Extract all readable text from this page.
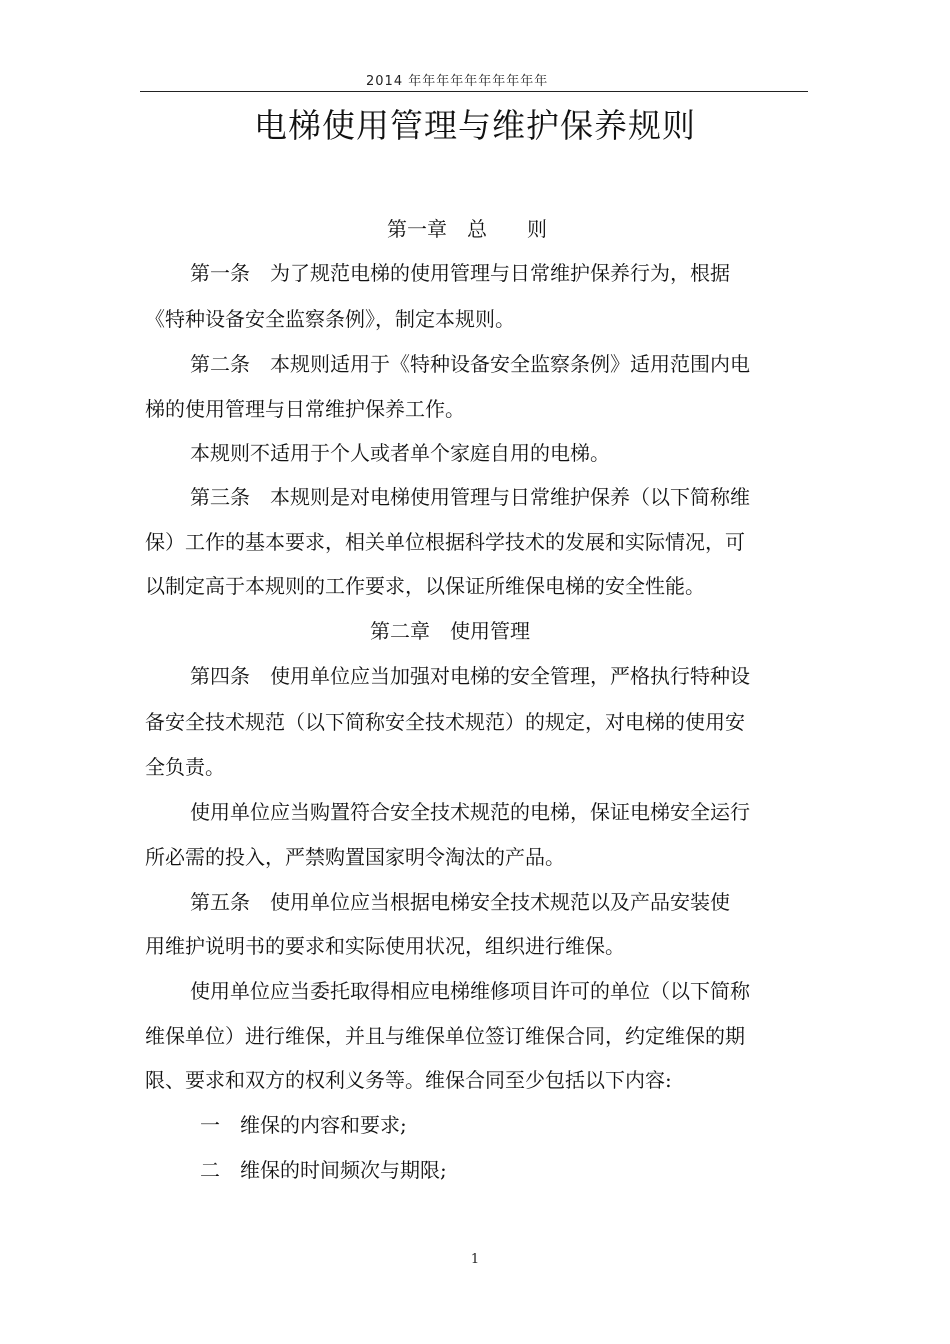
2014 年年年年年年年年年年
电梯使用管理与维护保养规则
第一章　总　　则
第一条　为了规范电梯的使用管理与日常维护保养行为，根据
《特种设备安全监察条例》，制定本规则。
第二条　本规则适用于《特种设备安全监察条例》适用范围内电
梯的使用管理与日常维护保养工作。
本规则不适用于个人或者单个家庭自用的电梯。
第三条　本规则是对电梯使用管理与日常维护保养（以下简称维
保）工作的基本要求，相关单位根据科学技术的发展和实际情况，可
以制定高于本规则的工作要求，以保证所维保电梯的安全性能。
第二章　使用管理
第四条　使用单位应当加强对电梯的安全管理，严格执行特种设
备安全技术规范（以下简称安全技术规范）的规定，对电梯的使用安
全负责。
使用单位应当购置符合安全技术规范的电梯，保证电梯安全运行
所必需的投入，严禁购置国家明令淘汰的产品。
第五条　使用单位应当根据电梯安全技术规范以及产品安装使
用维护说明书的要求和实际使用状况，组织进行维保。
使用单位应当委托取得相应电梯维修项目许可的单位（以下简称
维保单位）进行维保，并且与维保单位签订维保合同，约定维保的期
限、要求和双方的权利义务等。维保合同至少包括以下内容:
一　维保的内容和要求;
二　维保的时间频次与期限;
1
